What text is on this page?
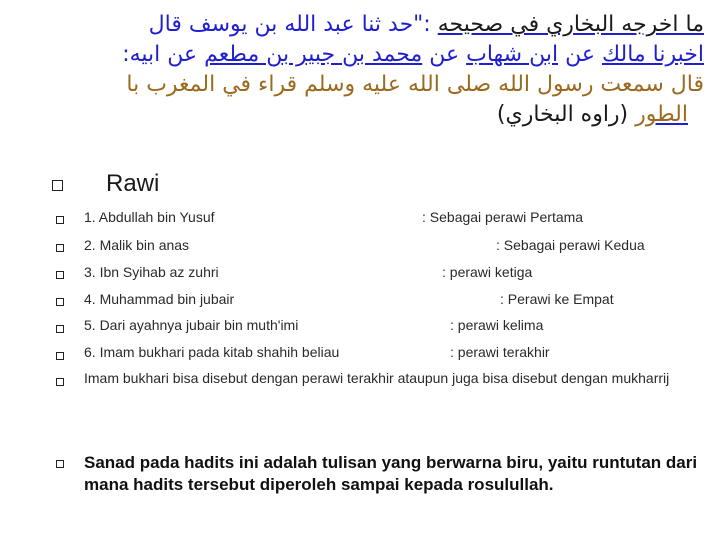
ما اخرجه البخاري في صحيحه :"حد ثنا عبد الله بن يوسف قال
اخبرنا مالك عن ابن شهاب عن محمد بن جبير بن مطعم عن ابيه:
قال سمعت رسول الله صلى الله عليه وسلم قراء في المغرب با
الطور (راوه البخاري)
Rawi
1. Abdullah bin Yusuf	: Sebagai perawi Pertama
2. Malik bin anas	: Sebagai perawi Kedua
3. Ibn Syihab az zuhri	: perawi ketiga
4. Muhammad bin jubair	: Perawi ke Empat
5. Dari ayahnya jubair bin muth'imi	: perawi kelima
6. Imam bukhari pada kitab shahih beliau	: perawi terakhir
Imam bukhari bisa disebut dengan perawi terakhir ataupun juga bisa disebut dengan mukharrij
Sanad pada hadits ini adalah tulisan yang berwarna biru, yaitu runtutan dari mana hadits tersebut diperoleh sampai kepada rosulullah.
